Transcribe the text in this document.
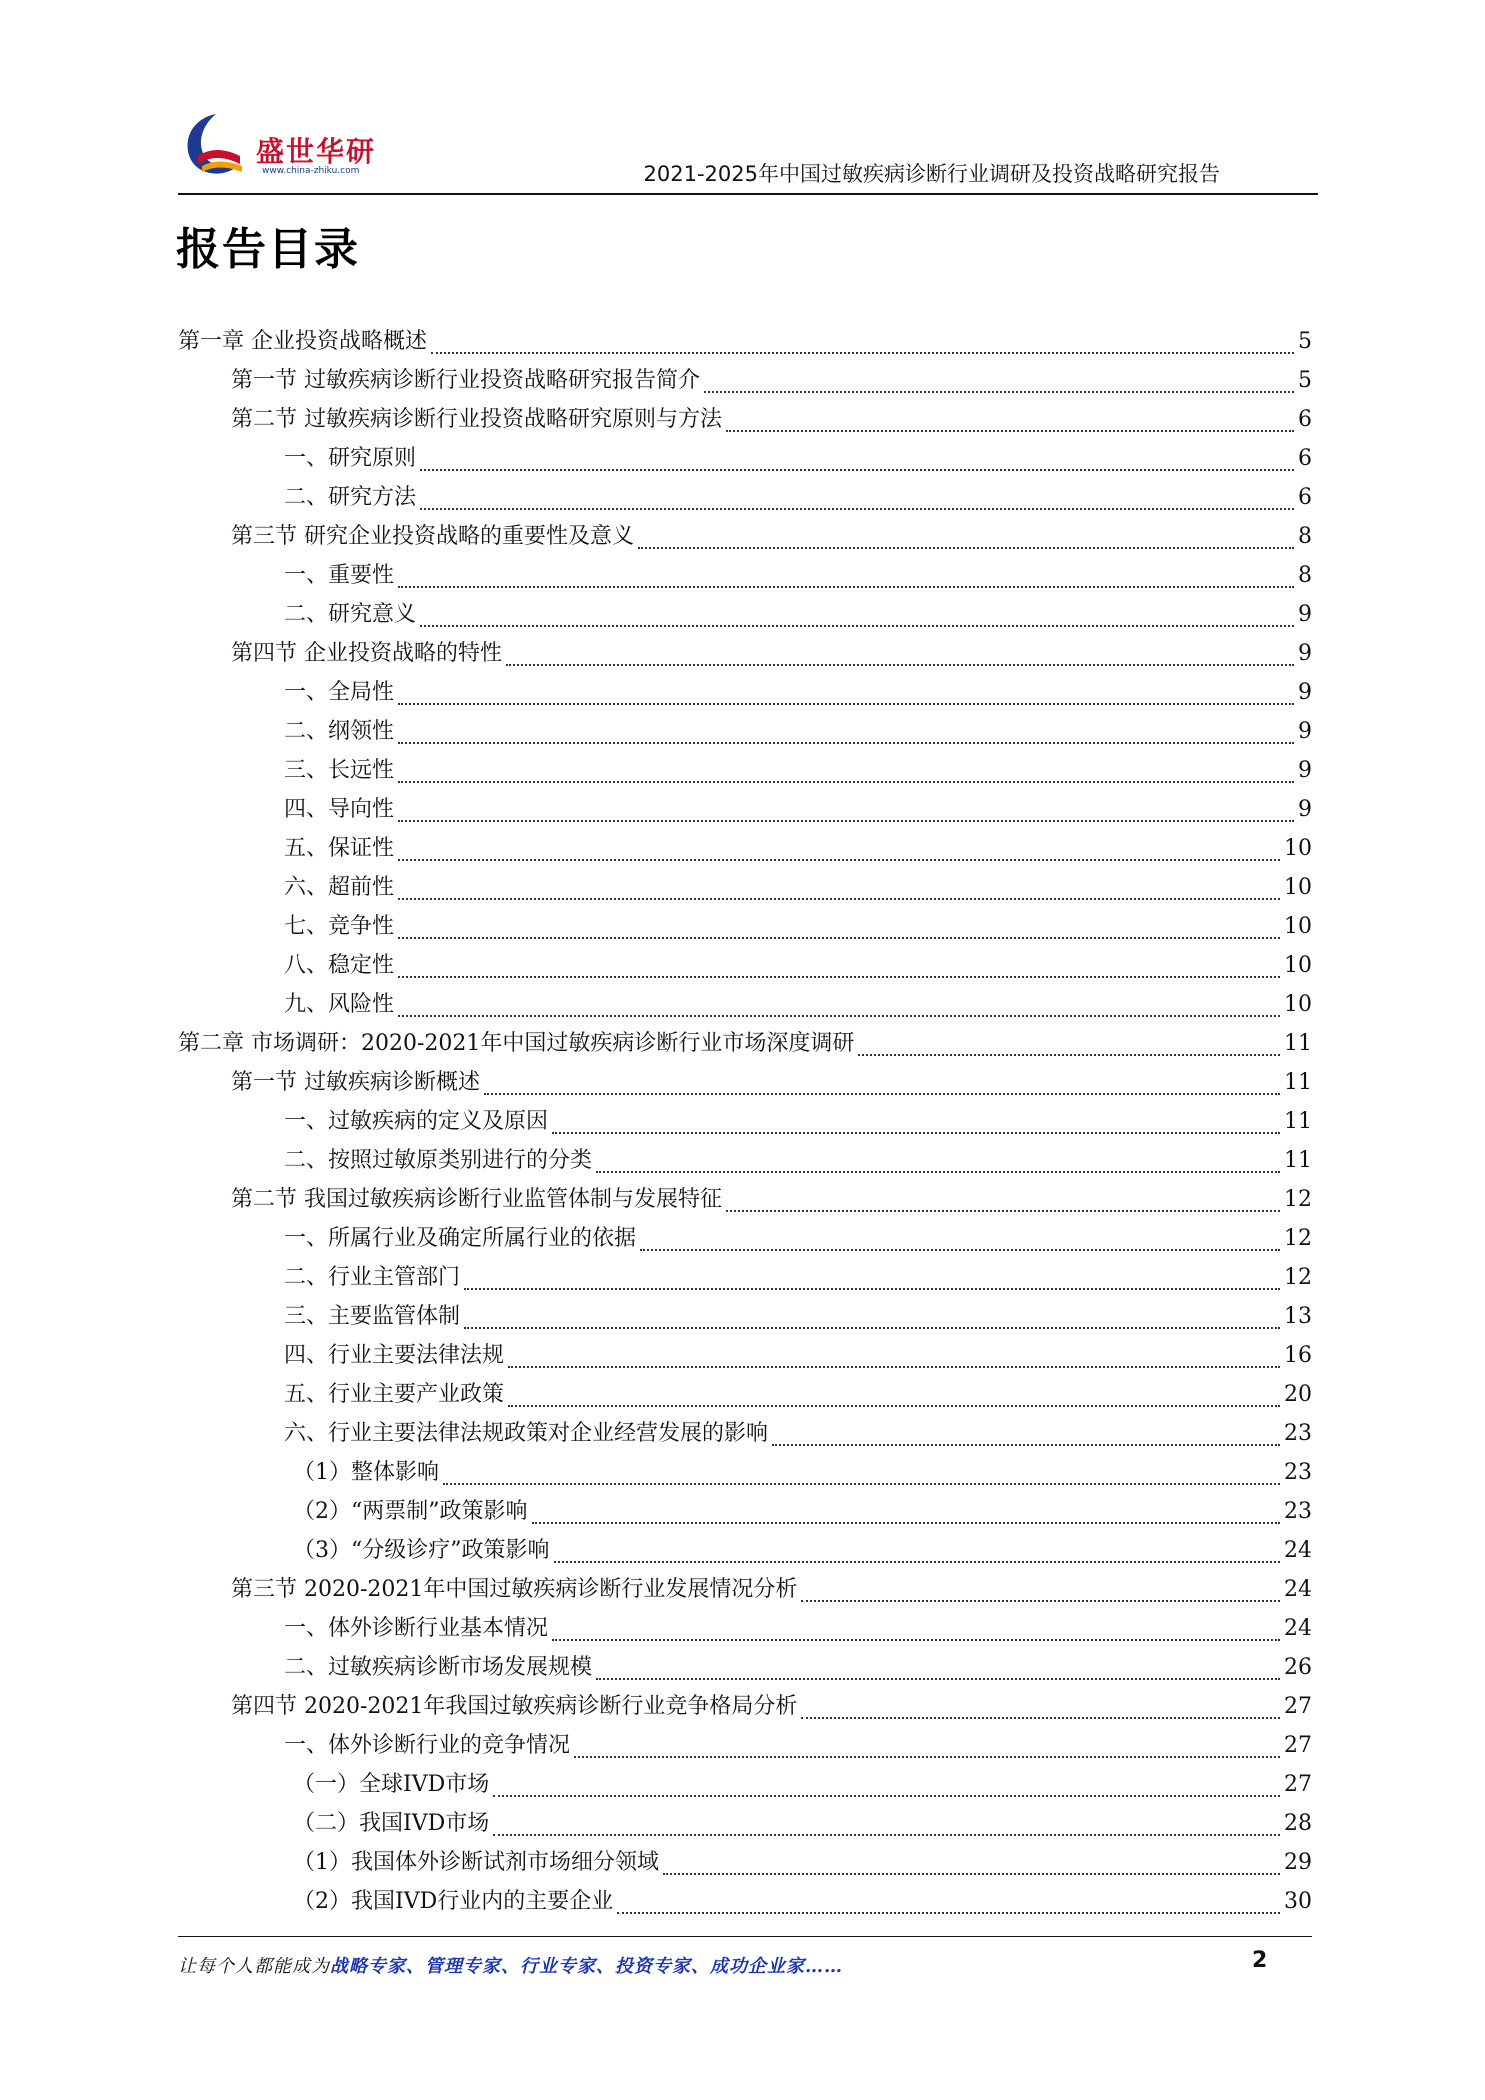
盛世华研
www.china-zhiku.com	2021-2025年中国过敏疾病诊断行业调研及投资战略研究报告
报告目录
第一章 企业投资战略概述	5
第一节 过敏疾病诊断行业投资战略研究报告简介	5
第二节 过敏疾病诊断行业投资战略研究原则与方法	6
一、研究原则	6
二、研究方法	6
第三节 研究企业投资战略的重要性及意义	8
一、重要性	8
二、研究意义	9
第四节 企业投资战略的特性	9
一、全局性	9
二、纲领性	9
三、长远性	9
四、导向性	9
五、保证性	10
六、超前性	10
七、竞争性	10
八、稳定性	10
九、风险性	10
第二章 市场调研：2020-2021年中国过敏疾病诊断行业市场深度调研	11
第一节 过敏疾病诊断概述	11
一、过敏疾病的定义及原因	11
二、按照过敏原类别进行的分类	11
第二节 我国过敏疾病诊断行业监管体制与发展特征	12
一、所属行业及确定所属行业的依据	12
二、行业主管部门	12
三、主要监管体制	13
四、行业主要法律法规	16
五、行业主要产业政策	20
六、行业主要法律法规政策对企业经营发展的影响	23
（1）整体影响	23
（2）“两票制”政策影响	23
（3）“分级诊疗”政策影响	24
第三节 2020-2021年中国过敏疾病诊断行业发展情况分析	24
一、体外诊断行业基本情况	24
二、过敏疾病诊断市场发展规模	26
第四节 2020-2021年我国过敏疾病诊断行业竞争格局分析	27
一、体外诊断行业的竞争情况	27
（一）全球IVD市场	27
（二）我国IVD市场	28
（1）我国体外诊断试剂市场细分领域	29
（2）我国IVD行业内的主要企业	30
让每个人都能成为战略专家、管理专家、行业专家、投资专家、成功企业家……	2
